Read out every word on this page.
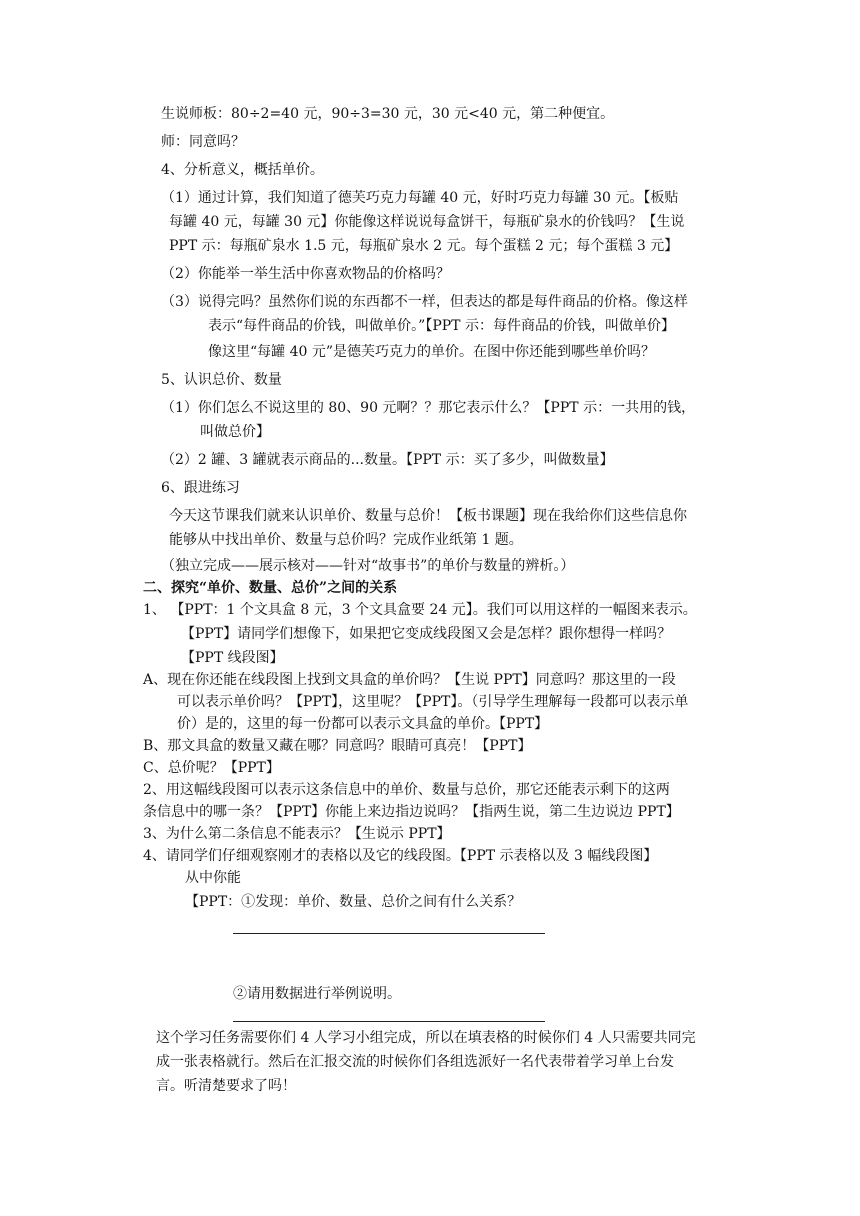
生说师板：80÷2=40 元，90÷3=30 元，30 元<40 元，第二种便宜。
师：同意吗？
4、分析意义，概括单价。
（1）通过计算，我们知道了德芙巧克力每罐 40 元，好时巧克力每罐 30 元。【板贴
每罐 40 元，每罐 30 元】你能像这样说说每盒饼干，每瓶矿泉水的价钱吗？【生说
PPT 示：每瓶矿泉水 1.5 元，每瓶矿泉水 2 元。每个蛋糕 2 元；每个蛋糕 3 元】
（2）你能举一举生活中你喜欢物品的价格吗？
（3）说得完吗？虽然你们说的东西都不一样，但表达的都是每件商品的价格。像这样
表示“每件商品的价钱，叫做单价。”【PPT 示：每件商品的价钱，叫做单价】
像这里“每罐 40 元”是德芙巧克力的单价。在图中你还能到哪些单价吗？
5、认识总价、数量
（1）你们怎么不说这里的 80、90 元啊？？那它表示什么？【PPT 示：一共用的钱，
叫做总价】
（2）2 罐、3 罐就表示商品的...数量。【PPT 示：买了多少，叫做数量】
6、跟进练习
今天这节课我们就来认识单价、数量与总价！【板书课题】现在我给你们这些信息你
能够从中找出单价、数量与总价吗？完成作业纸第 1 题。
（独立完成——展示核对——针对“故事书”的单价与数量的辨析。）
二、探究“单价、数量、总价”之间的关系
1、 【PPT：1 个文具盒 8 元，3 个文具盒要 24 元】。我们可以用这样的一幅图来表示。
【PPT】请同学们想像下，如果把它变成线段图又会是怎样？跟你想得一样吗？
【PPT 线段图】
A、现在你还能在线段图上找到文具盒的单价吗？【生说 PPT】同意吗？那这里的一段
可以表示单价吗？【PPT】，这里呢？【PPT】。（引导学生理解每一段都可以表示单
价）是的，这里的每一份都可以表示文具盒的单价。【PPT】
B、那文具盒的数量又藏在哪？同意吗？眼睛可真亮！【PPT】
C、总价呢？【PPT】
2、用这幅线段图可以表示这条信息中的单价、数量与总价，那它还能表示剩下的这两
条信息中的哪一条？【PPT】你能上来边指边说吗？【指两生说，第二生边说边 PPT】
3、为什么第二条信息不能表示？【生说示 PPT】
4、请同学们仔细观察刚才的表格以及它的线段图。【PPT 示表格以及 3 幅线段图】
从中你能
【PPT：①发现：单价、数量、总价之间有什么关系？
②请用数据进行举例说明。
这个学习任务需要你们 4 人学习小组完成，所以在填表格的时候你们 4 人只需要共同完
成一张表格就行。然后在汇报交流的时候你们各组选派好一名代表带着学习单上台发
言。听清楚要求了吗！
